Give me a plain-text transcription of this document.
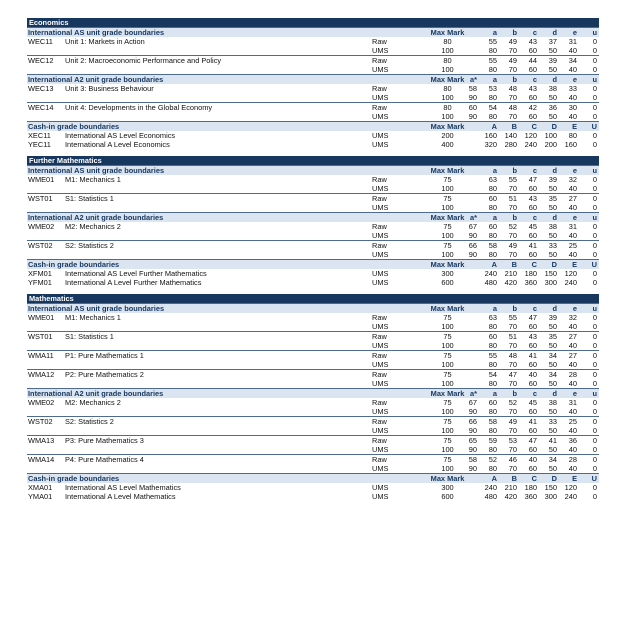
Economics
International AS unit grade boundaries	Max Mark	a	b	c	d	e	u
WEC11 Unit 1: Markets in Action	Raw	80	55	49	43	37	31	0
UMS	100	80	70	60	50	40	0
WEC12 Unit 2: Macroeconomic Performance and Policy	Raw	80	55	49	44	39	34	0
UMS	100	80	70	60	50	40	0
International A2 unit grade boundaries	Max Mark a*	a	b	c	d	e	u
WEC13 Unit 3: Business Behaviour	Raw	80	58	53	48	43	38	33	0
UMS	100	90	80	70	60	50	40	0
WEC14 Unit 4: Developments in the Global Economy	Raw	80	60	54	48	42	36	30	0
UMS	100	90	80	70	60	50	40	0
Cash-in grade boundaries	Max Mark	A	B	C	D	E	U
XEC11 International AS Level Economics	UMS	200	160	140	120	100	80	0
YEC11 International A Level Economics	UMS	400	320	280	240	200	160	0
Further Mathematics
International AS unit grade boundaries	Max Mark	a	b	c	d	e	u
WME01 M1: Mechanics 1	Raw	75	63	55	47	39	32	0
UMS	100	80	70	60	50	40	0
WST01 S1: Statistics 1	Raw	75	60	51	43	35	27	0
UMS	100	80	70	60	50	40	0
International A2 unit grade boundaries	Max Mark a*	a	b	c	d	e	u
WME02 M2: Mechanics 2	Raw	75	67	60	52	45	38	31	0
UMS	100	90	80	70	60	50	40	0
WST02 S2: Statistics 2	Raw	75	66	58	49	41	33	25	0
UMS	100	90	80	70	60	50	40	0
Cash-in grade boundaries	Max Mark	A	B	C	D	E	U
XFM01 International AS Level Further Mathematics	UMS	300	240	210	180	150	120	0
YFM01 International A Level Further Mathematics	UMS	600	480	420	360	300	240	0
Mathematics
International AS unit grade boundaries	Max Mark	a	b	c	d	e	u
WME01 M1: Mechanics 1	Raw	75	63	55	47	39	32	0
UMS	100	80	70	60	50	40	0
WST01 S1: Statistics 1	Raw	75	60	51	43	35	27	0
UMS	100	80	70	60	50	40	0
WMA11 P1: Pure Mathematics 1	Raw	75	55	48	41	34	27	0
UMS	100	80	70	60	50	40	0
WMA12 P2: Pure Mathematics 2	Raw	75	54	47	40	34	28	0
UMS	100	80	70	60	50	40	0
International A2 unit grade boundaries	Max Mark a*	a	b	c	d	e	u
WME02 M2: Mechanics 2	Raw	75	67	60	52	45	38	31	0
UMS	100	90	80	70	60	50	40	0
WST02 S2: Statistics 2	Raw	75	66	58	49	41	33	25	0
UMS	100	90	80	70	60	50	40	0
WMA13 P3: Pure Mathematics 3	Raw	75	65	59	53	47	41	36	0
UMS	100	90	80	70	60	50	40	0
WMA14 P4: Pure Mathematics 4	Raw	75	58	52	46	40	34	28	0
UMS	100	90	80	70	60	50	40	0
Cash-in grade boundaries	Max Mark	A	B	C	D	E	U
XMA01 International AS Level Mathematics	UMS	300	240	210	180	150	120	0
YMA01 International A Level Mathematics	UMS	600	480	420	360	300	240	0
